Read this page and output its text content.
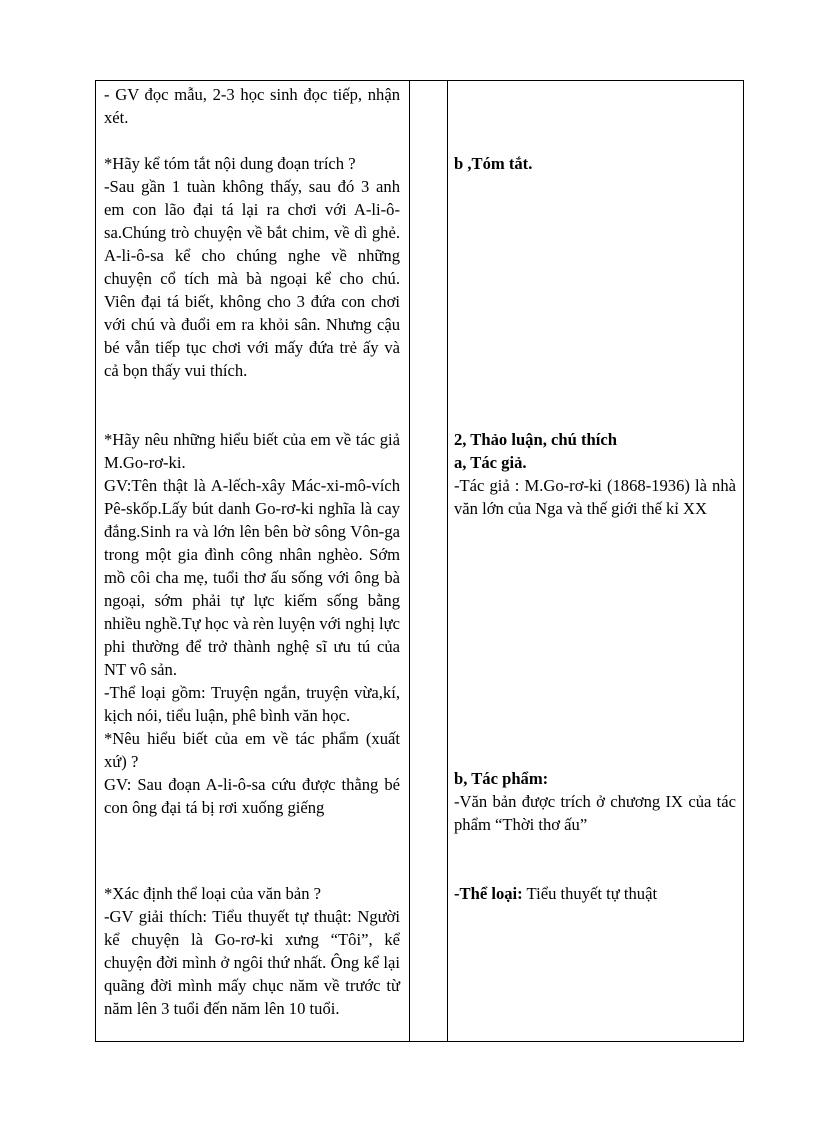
- GV đọc mẫu, 2-3 học sinh đọc tiếp, nhận xét.

*Hãy kể tóm tắt nội dung đoạn trích ?

-Sau gần 1 tuàn không thấy, sau đó 3 anh em con lão đại tá lại ra chơi với A-li-ô-sa.Chúng trò chuyện về bắt chim, về dì ghẻ. A-li-ô-sa kể cho chúng nghe về những chuyện cổ tích mà bà ngoại kể cho chú. Viên đại tá biết, không cho 3 đứa con chơi với chú và đuổi em ra khỏi sân. Nhưng cậu bé vẫn tiếp tục chơi với mấy đứa trẻ ấy và cả bọn thấy vui thích.

*Hãy nêu những hiểu biết của em về tác giả M.Go-rơ-ki.

GV:Tên thật là A-lếch-xây Mác-xi-mô-vích Pê-skốp.Lấy bút danh Go-rơ-ki nghĩa là cay đắng.Sinh ra và lớn lên bên bờ sông Vôn-ga trong một gia đình công nhân nghèo. Sớm mồ côi cha mẹ, tuổi thơ ấu sống với ông bà ngoại, sớm phải tự lực kiếm sống bằng nhiều nghề.Tự học và rèn luyện với nghị lực phi thường để trở thành nghệ sĩ ưu tú của NT vô sản.

-Thể loại gồm: Truyện ngắn, truyện vừa,kí, kịch nói, tiểu luận, phê bình văn học.

*Nêu hiểu biết của em về tác phẩm (xuất xứ) ?

GV: Sau đoạn A-li-ô-sa cứu được thằng bé con ông đại tá bị rơi xuống giếng

*Xác định thể loại của văn bản ?

-GV giải thích: Tiểu thuyết tự thuật: Người kể chuyện là Go-rơ-ki xưng “Tôi”, kể chuyện đời mình ở ngôi thứ nhất. Ông kể lại quãng đời mình mấy chục năm về trước từ năm lên 3 tuổi đến năm lên 10 tuổi.

b ,Tóm tắt.

2, Thảo luận, chú thích

a, Tác giả.

-Tác giả : M.Go-rơ-ki (1868-1936) là nhà văn lớn của Nga và thế giới thế kỉ XX

b, Tác phẩm:

-Văn bản được trích ở chương IX của tác phẩm “Thời thơ ấu”

-Thể loại: Tiểu thuyết tự thuật
